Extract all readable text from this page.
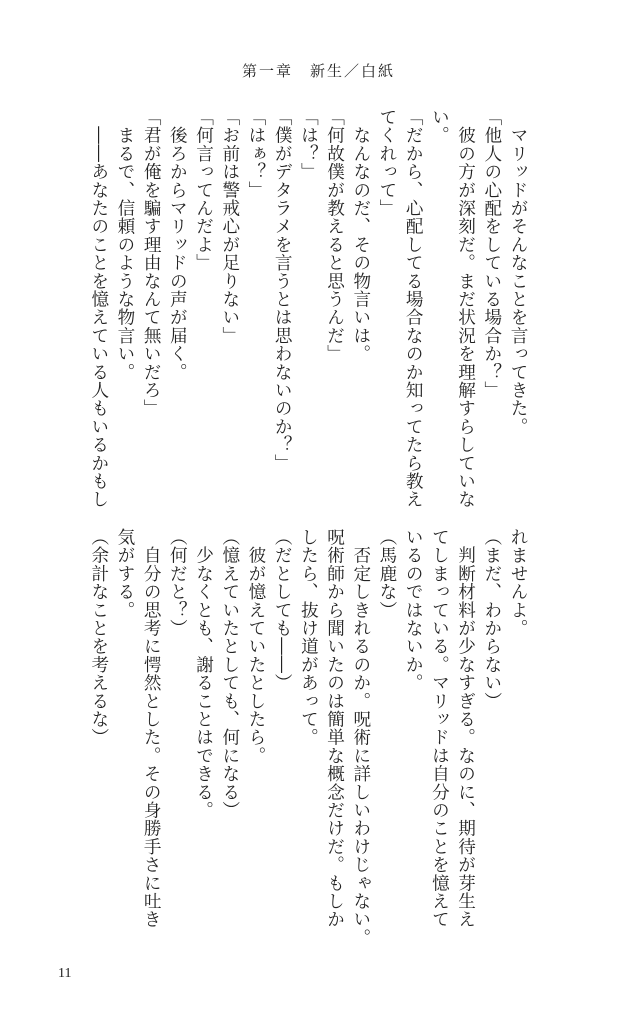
第一章　新生／白紙
　マリッドがそんなことを言ってきた。
「他人の心配をしている場合か？」
　彼の方が深刻だ。まだ状況を理解すらしていな
い。
「だから、心配してる場合なのか知ってたら教え
てくれって」
　なんなのだ、その物言いは。
「何故僕が教えると思うんだ」
「は？」
「僕がデタラメを言うとは思わないのか？」
「はぁ？」
「お前は警戒心が足りない」
「何言ってんだよ」
　後ろからマリッドの声が届く。
「君が俺を騙す理由なんて無いだろ」
　まるで、信頼のような物言い。
　――あなたのことを憶えている人もいるかもし
れませんよ。
（まだ、わからない）
　判断材料が少なすぎる。なのに、期待が芽生え
てしまっている。マリッドは自分のことを憶えて
いるのではないか。
（馬鹿な）
　否定しきれるのか。呪術に詳しいわけじゃない。
呪術師から聞いたのは簡単な概念だけだ。もしか
したら、抜け道があって。
（だとしても――）
　彼が憶えていたとしたら。
（憶えていたとしても、何になる）
　少なくとも、謝ることはできる。
（何だと？）
　自分の思考に愕然とした。その身勝手さに吐き
気がする。
（余計なことを考えるな）
11
